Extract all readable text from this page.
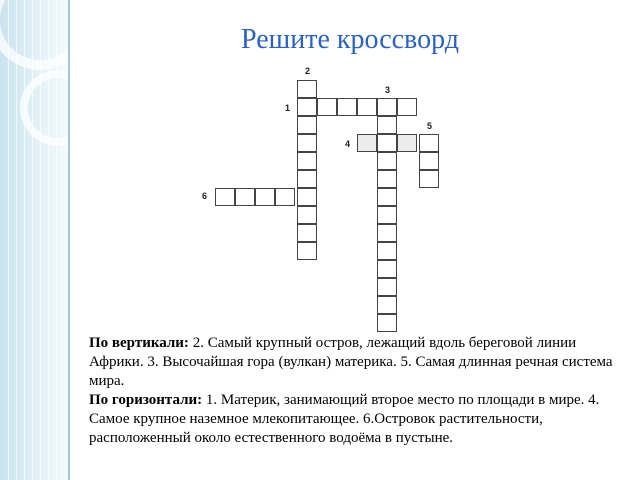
Решите кроссворд
2
3
1
5
4
6

По вертикали: 2. Самый крупный остров, лежащий вдоль береговой линии Африки. 3. Высочайшая гора (вулкан) материка. 5. Самая длинная речная система мира.

По горизонтали: 1. Материк, занимающий второе место по площади в мире. 4. Самое крупное наземное млекопитающее. 6.Островок растительности, расположенный около естественного водоёма в пустыне.
